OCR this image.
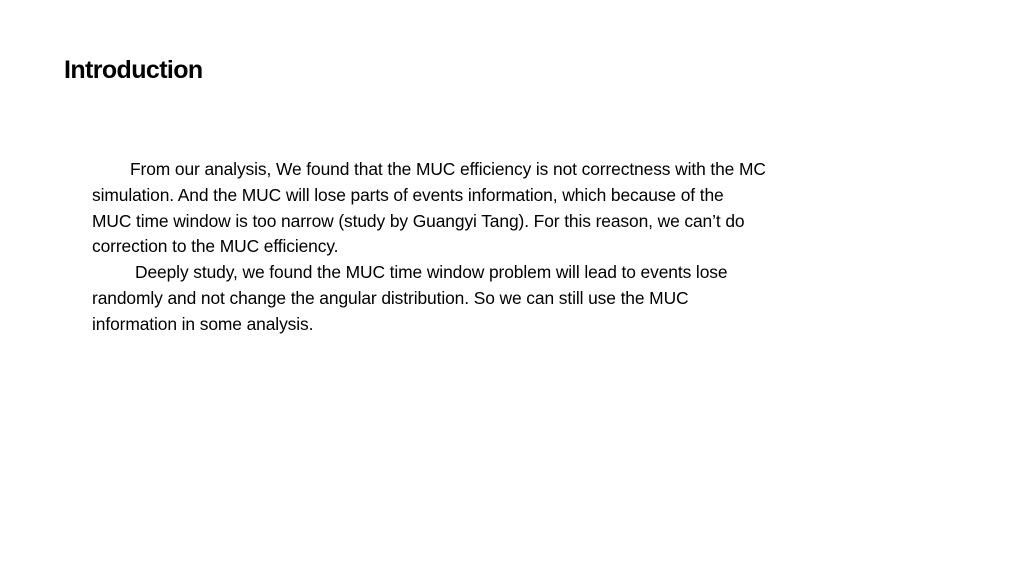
Introduction
From our analysis, We found that the MUC efficiency is not correctness with the MC
simulation. And the MUC will lose parts of events information, which because of the
MUC time window is too narrow (study by Guangyi Tang). For this reason, we can’t do
correction to the MUC efficiency.
Deeply study, we found the MUC time window problem will lead to events lose
randomly and not change the angular distribution. So we can still use the MUC
information in some analysis.
